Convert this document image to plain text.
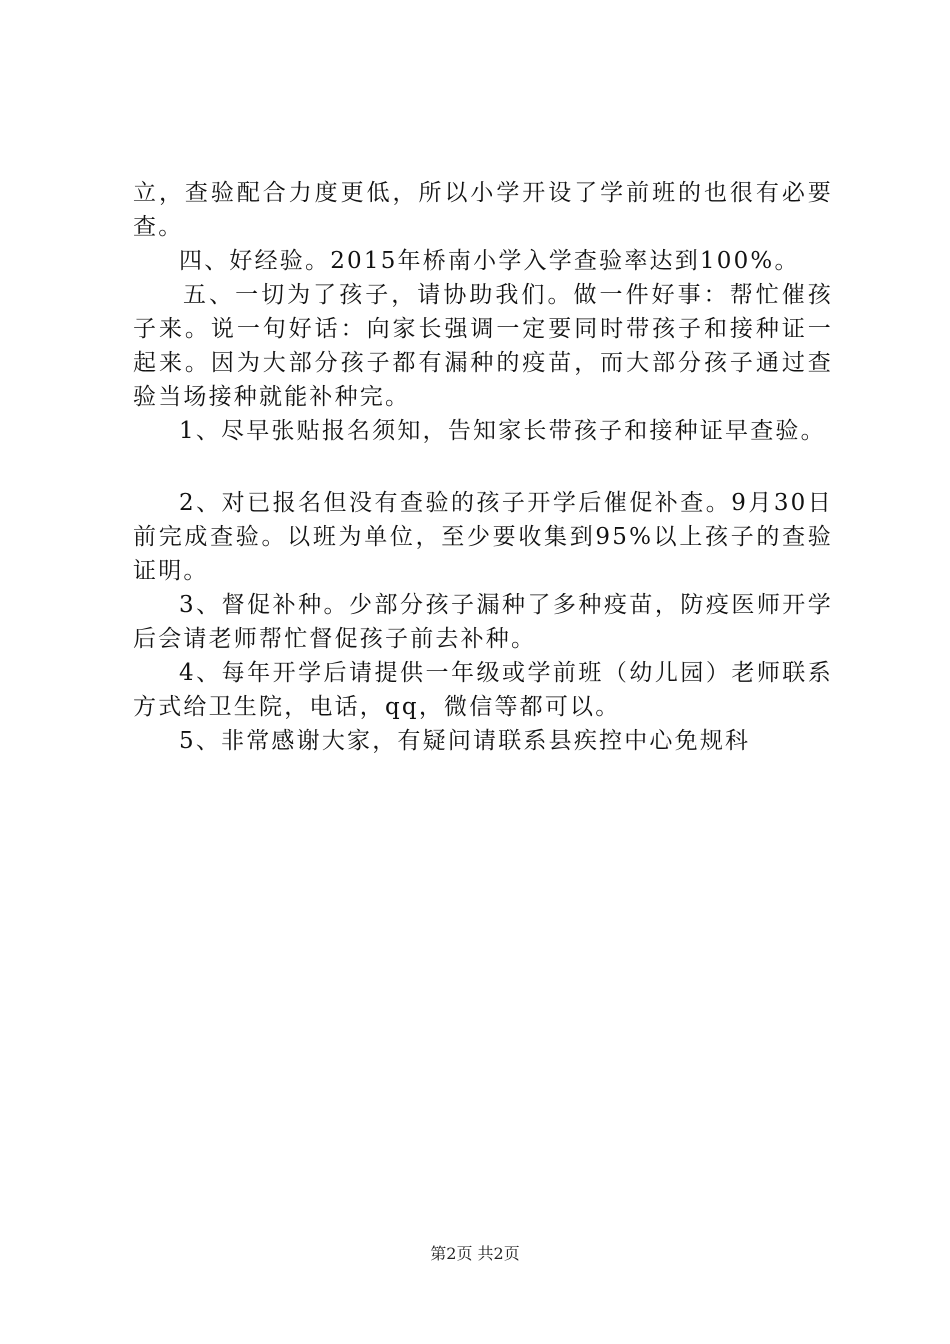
立，查验配合力度更低，所以小学开设了学前班的也很有必要查。

四、好经验。2015年桥南小学入学查验率达到100%。

五、一切为了孩子，请协助我们。做一件好事：帮忙催孩子来。说一句好话：向家长强调一定要同时带孩子和接种证一起来。因为大部分孩子都有漏种的疫苗，而大部分孩子通过查验当场接种就能补种完。

1、尽早张贴报名须知，告知家长带孩子和接种证早查验。

2、对已报名但没有查验的孩子开学后催促补查。9月30日前完成查验。以班为单位，至少要收集到95%以上孩子的查验证明。

3、督促补种。少部分孩子漏种了多种疫苗，防疫医师开学后会请老师帮忙督促孩子前去补种。

4、每年开学后请提供一年级或学前班（幼儿园）老师联系方式给卫生院，电话，qq，微信等都可以。

5、非常感谢大家，有疑问请联系县疾控中心免规科

第2页 共2页
